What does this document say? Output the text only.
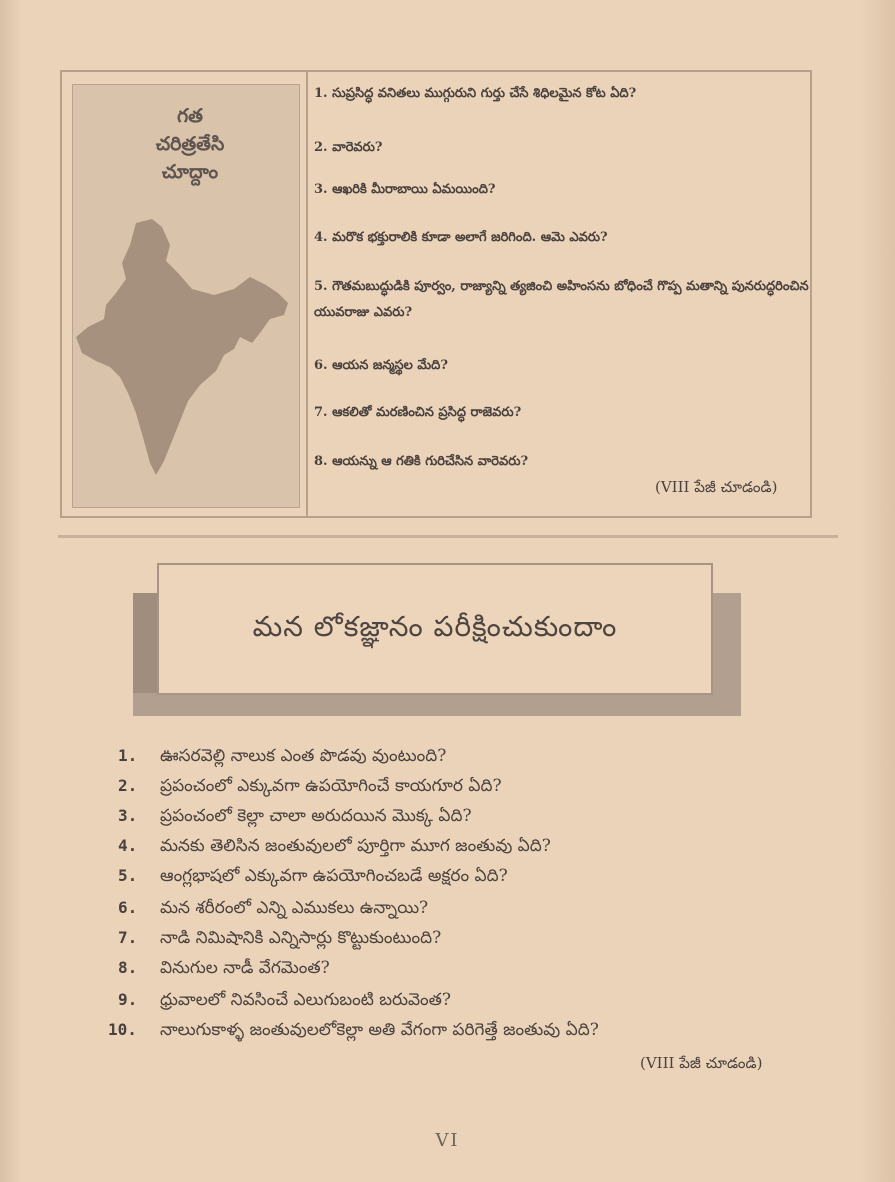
గత
చరిత్రతేసి
చూద్దాం
1. సుప్రసిద్ధ వనితలు ముగ్గురుని గుర్తు చేసే శిధిలమైన కోట ఏది?
2. వారెవరు?
3. ఆఖరికి మీరాబాయి ఏమయింది?
4. మరొక భక్తురాలికి కూడా అలాగే జరిగింది. ఆమె ఎవరు?
5. గౌతమబుద్ధుడికి పూర్వం, రాజ్యాన్ని త్యజించి అహింసను బోధించే గొప్ప మతాన్ని పునరుద్ధరించిన యువరాజు ఎవరు?
6. ఆయన జన్మస్థల మేది?
7. ఆకలితో మరణించిన ప్రసిద్ధ రాజెవరు?
8. ఆయన్ను ఆ గతికి గురిచేసిన వారెవరు?
(VIII పేజీ చూడండి)
మన లోకజ్ఞానం పరీక్షించుకుందాం
1. ఊసరవెల్లి నాలుక ఎంత పొడవు వుంటుంది?
2. ప్రపంచంలో ఎక్కువగా ఉపయోగించే కాయగూర ఏది?
3. ప్రపంచంలో కెల్లా చాలా అరుదయిన మొక్క ఏది?
4. మనకు తెలిసిన జంతువులలో పూర్తిగా మూగ జంతువు ఏది?
5. ఆంగ్లభాషలో ఎక్కువగా ఉపయోగించబడే అక్షరం ఏది?
6. మన శరీరంలో ఎన్ని ఎముకలు ఉన్నాయి?
7. నాడి నిమిషానికి ఎన్నిసార్లు కొట్టుకుంటుంది?
8. వినుగుల నాడీ వేగమెంత?
9. ధ్రువాలలో నివసించే ఎలుగుబంటి బరువెంత?
10. నాలుగుకాళ్ళ జంతువులలోకెల్లా అతి వేగంగా పరిగెత్తే జంతువు ఏది?
(VIII పేజీ చూడండి)
VI
